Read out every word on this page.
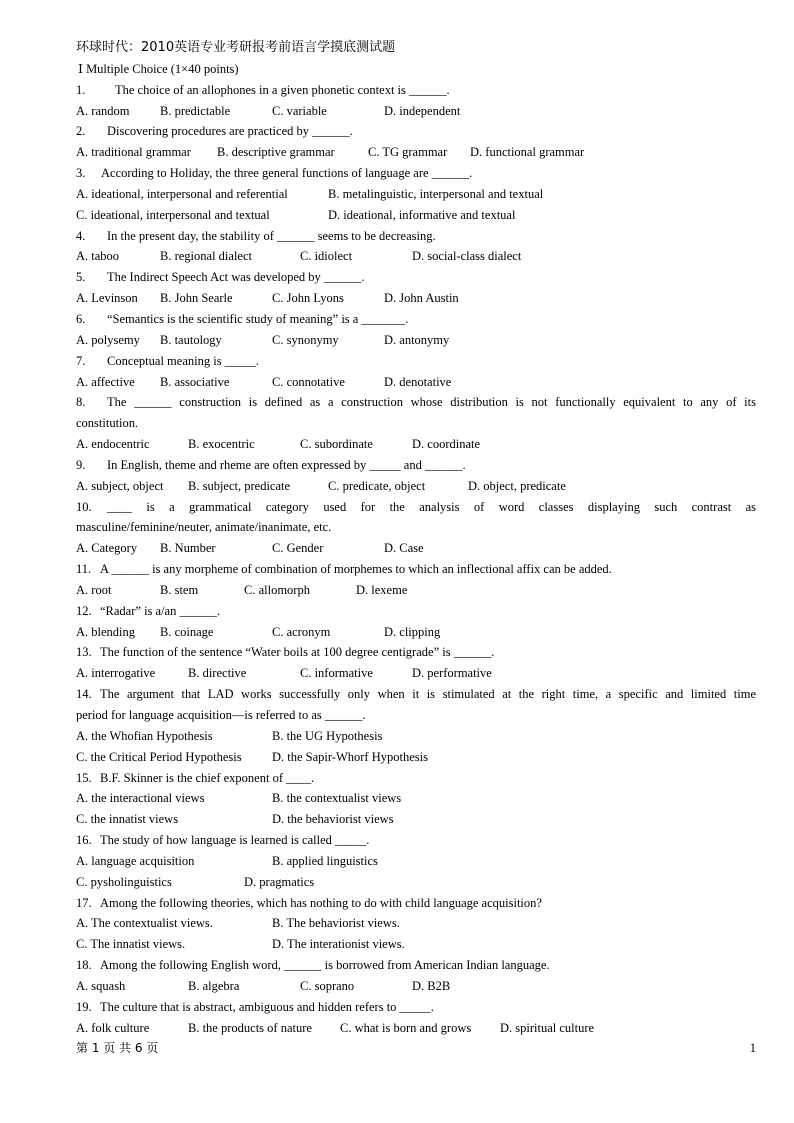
环球时代：2010英语专业考研报考前语言学摸底测试题
Ⅰ Multiple Choice (1×40 points)
1.	The choice of an allophones in a given phonetic context is ______.
A. random B. predictable	C. variable	D. independent
2.	Discovering procedures are practiced by ______.
A. traditional grammar B. descriptive grammar	C. TG grammar D. functional grammar
3.	According to Holiday, the three general functions of language are ______.
A. ideational, interpersonal and referential	B. metalinguistic, interpersonal and textual
C. ideational, interpersonal and textual	D. ideational, informative and textual
4.	In the present day, the stability of ______ seems to be decreasing.
A. taboo	B. regional dialect	C. idiolect	D. social-class dialect
5.	The Indirect Speech Act was developed by ______.
A. Levinson B. John Searle	C. John Lyons	D. John Austin
6.	“Semantics is the scientific study of meaning” is a _______.
A. polysemy B. tautology	C. synonymy	D. antonymy
7.	Conceptual meaning is _____.
A. affective B. associative	C. connotative	D. denotative
8.	The ______ construction is defined as a construction whose distribution is not functionally equivalent to any of its
constitution.
A. endocentric	B. exocentric	C. subordinate	D. coordinate
9.	In English, theme and rheme are often expressed by _____ and ______.
A. subject, object B. subject, predicate	C. predicate, object	D. object, predicate
10.	____ is a grammatical category used for the analysis of word classes displaying such contrast as
masculine/feminine/neuter, animate/inanimate, etc.
A. Category B. Number	C. Gender	D. Case
11. A ______ is any morpheme of combination of morphemes to which an inflectional affix can be added.
A. root	B. stem	C. allomorph	D. lexeme
12. “Radar” is a/an ______.
A. blending B. coinage	C. acronym	D. clipping
13. The function of the sentence “Water boils at 100 degree centigrade” is ______.
A. interrogative	B. directive	C. informative	D. performative
14. The argument that LAD works successfully only when it is stimulated at the right time, a specific and limited time
period for language acquisition—is referred to as ______.
A. the Whofian Hypothesis	B. the UG Hypothesis
C. the Critical Period Hypothesis D. the Sapir-Whorf Hypothesis
15. B.F. Skinner is the chief exponent of ____.
A. the interactional views	B. the contextualist views
C. the innatist views	D. the behaviorist views
16. The study of how language is learned is called _____.
A. language acquisition	B. applied linguistics
C. pysholinguistics	D. pragmatics
17. Among the following theories, which has nothing to do with child language acquisition?
A. The contextualist views.	B. The behaviorist views.
C. The innatist views.	D. The interationist views.
18. Among the following English word, ______ is borrowed from American Indian language.
A. squash	B. algebra	C. soprano	D. B2B
19. The culture that is abstract, ambiguous and hidden refers to _____.
A. folk culture	B. the products of nature C. what is born and grows D. spiritual culture
第 1 页 共 6 页	1
